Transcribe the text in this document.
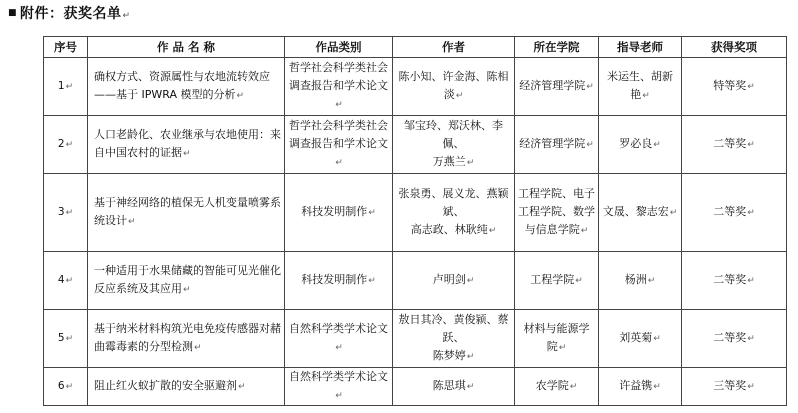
■ 附件：获奖名单↵
序号	作 品 名 称	作品类别	作者	所在学院	指导老师	获得奖项

1↵	确权方式、资源属性与农地流转效应
——基于 IPWRA 模型的分析↵	哲学社会科学类社会
调查报告和学术论文↵	陈小知、许金海、陈相淡↵	经济管理学院↵	米运生、胡新艳↵	特等奖↵

2↵	人口老龄化、农业继承与农地使用：来
自中国农村的证据↵	哲学社会科学类社会
调查报告和学术论文↵	邹宝玲、郑沃林、李佩、
万燕兰↵	经济管理学院↵	罗必良↵	二等奖↵

3↵	基于神经网络的植保无人机变量喷雾系
统设计↵	科技发明制作↵	张泉勇、展义龙、燕颖斌、
高志政、林耿纯↵	工程学院、电子
工程学院、数学
与信息学院↵	文晟、黎志宏↵	二等奖↵

4↵	一种适用于水果储藏的智能可见光催化
反应系统及其应用↵	科技发明制作↵	卢明剑↵	工程学院↵	杨洲↵	二等奖↵

5↵	基于纳米材料构筑光电免疫传感器对赭
曲霉毒素的分型检测↵	自然科学类学术论文↵	敖日其冷、黄俊颍、蔡跃、
陈梦婷↵	材料与能源学
院↵	刘英菊↵	二等奖↵

6↵	阻止红火蚁扩散的安全驱避剂↵	自然科学类学术论文↵	陈思琪↵	农学院↵	许益镌↵	三等奖↵
